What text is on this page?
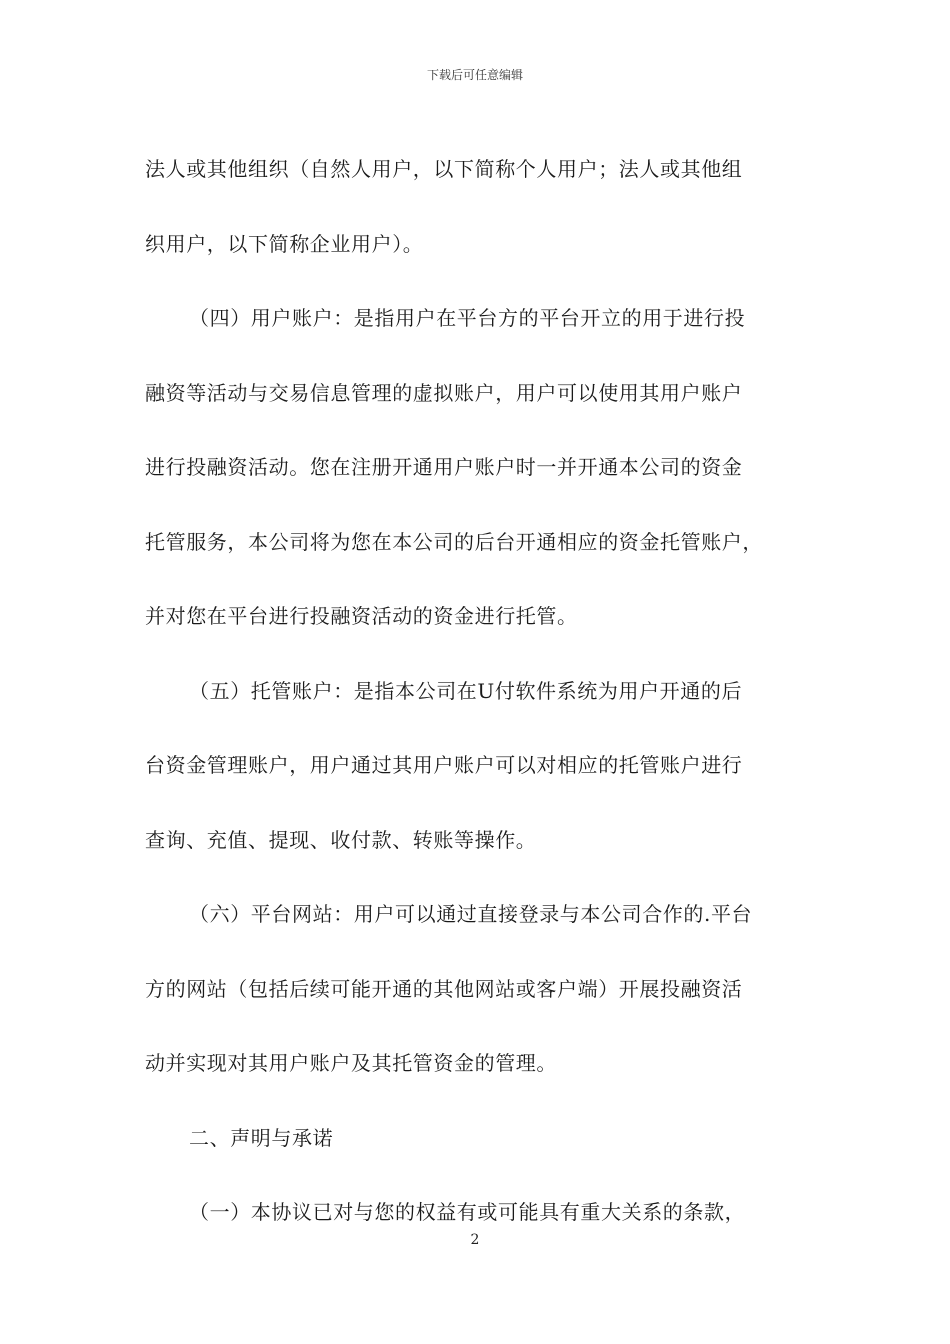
下载后可任意编辑
法人或其他组织（自然人用户，以下简称个人用户；法人或其他组
织用户，以下简称企业用户）。
（四）用户账户：是指用户在平台方的平台开立的用于进行投
融资等活动与交易信息管理的虚拟账户，用户可以使用其用户账户
进行投融资活动。您在注册开通用户账户时一并开通本公司的资金
托管服务，本公司将为您在本公司的后台开通相应的资金托管账户，
并对您在平台进行投融资活动的资金进行托管。
（五）托管账户：是指本公司在U付软件系统为用户开通的后
台资金管理账户，用户通过其用户账户可以对相应的托管账户进行
查询、充值、提现、收付款、转账等操作。
（六）平台网站：用户可以通过直接登录与本公司合作的.平台
方的网站（包括后续可能开通的其他网站或客户端）开展投融资活
动并实现对其用户账户及其托管资金的管理。
二、声明与承诺
（一）本协议已对与您的权益有或可能具有重大关系的条款，
2
